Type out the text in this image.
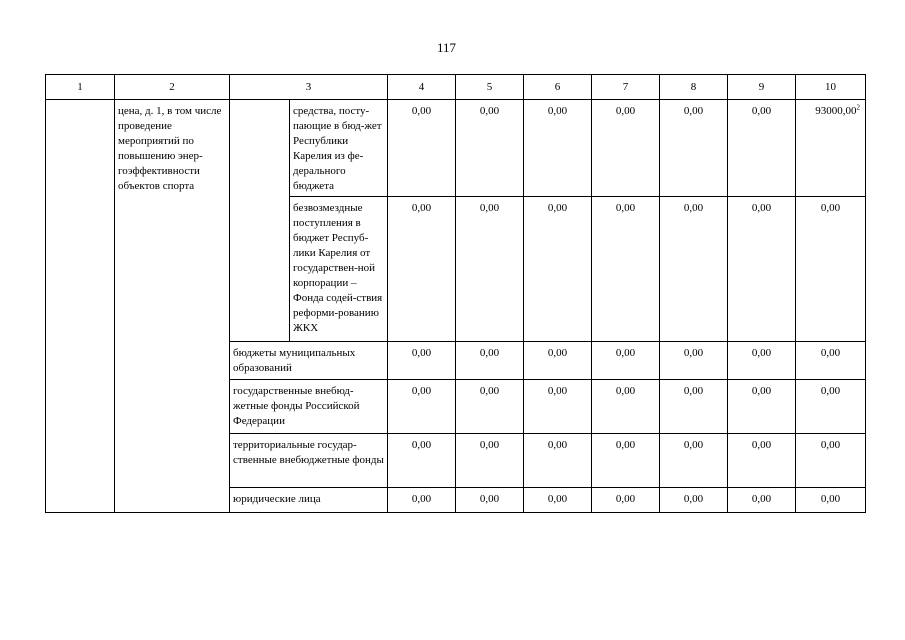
117
1	2	3		4	5	6	7	8	9	10
	цена, д. 1, в том числе проведение мероприятий по повышению энер-гоэффективности объектов спорта		средства, посту-пающие в бюд-жет Республики Карелия из фе-дерального бюджета	0,00	0,00	0,00	0,00	0,00	0,00	93000,00$^2$
			безвозмездные поступления в бюджет Респуб-лики Карелия от государствен-ной корпорации – Фонда содей-ствия реформи-рованию ЖКХ	0,00	0,00	0,00	0,00	0,00	0,00	0,00
		бюджеты муниципальных образований		0,00	0,00	0,00	0,00	0,00	0,00	0,00
		государственные внебюд-жетные фонды Российской Федерации		0,00	0,00	0,00	0,00	0,00	0,00	0,00
		территориальные государ-ственные внебюджетные фонды		0,00	0,00	0,00	0,00	0,00	0,00	0,00
		юридические лица		0,00	0,00	0,00	0,00	0,00	0,00	0,00
